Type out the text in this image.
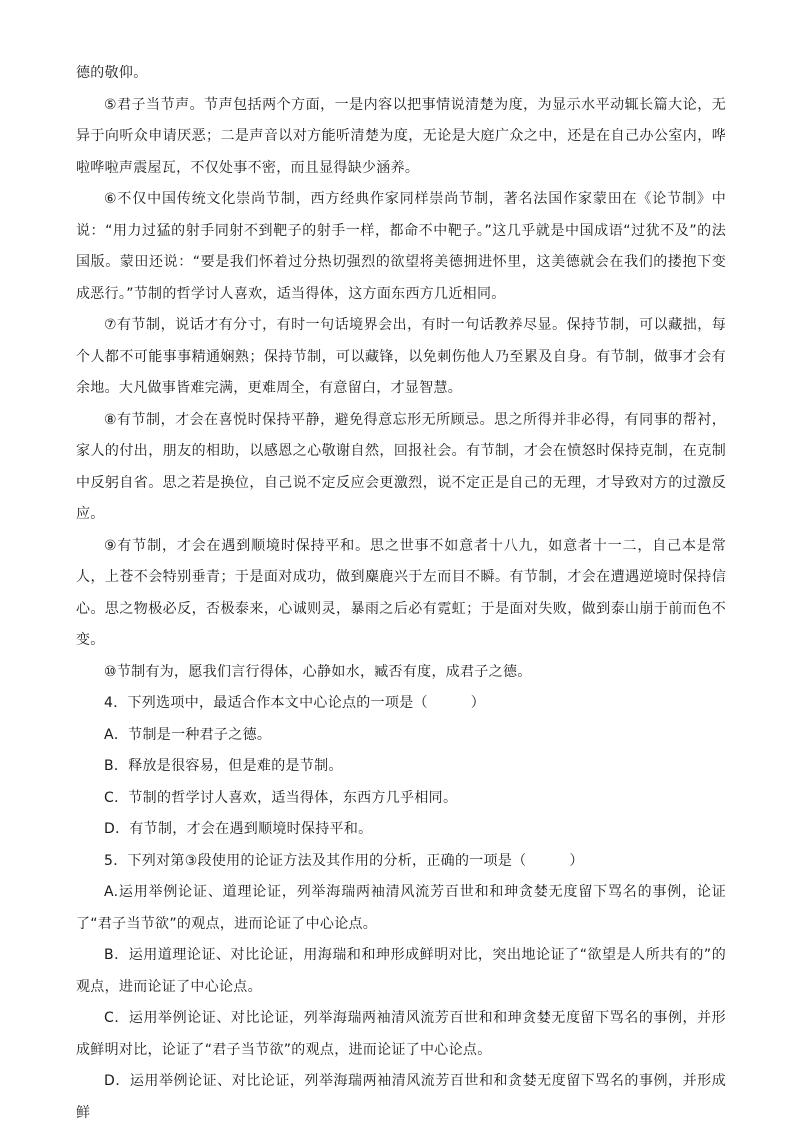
德的敬仰。

⑤君子当节声。节声包括两个方面，一是内容以把事情说清楚为度，为显示水平动辄长篇大论，无异于向听众申请厌恶；二是声音以对方能听清楚为度，无论是大庭广众之中，还是在自己办公室内，哗啦哗啦声震屋瓦，不仅处事不密，而且显得缺少涵养。

⑥不仅中国传统文化崇尚节制，西方经典作家同样崇尚节制，著名法国作家蒙田在《论节制》中说：“用力过猛的射手同射不到靶子的射手一样，都命不中靶子。”这几乎就是中国成语“过犹不及”的法国版。蒙田还说：“要是我们怀着过分热切强烈的欲望将美德拥进怀里，这美德就会在我们的搂抱下变成恶行。”节制的哲学讨人喜欢，适当得体，这方面东西方几近相同。

⑦有节制，说话才有分寸，有时一句话境界会出，有时一句话教养尽显。保持节制，可以藏拙，每个人都不可能事事精通娴熟；保持节制，可以藏锋，以免刺伤他人乃至累及自身。有节制，做事才会有余地。大凡做事皆难完满，更难周全，有意留白，才显智慧。

⑧有节制，才会在喜悦时保持平静，避免得意忘形无所顾忌。思之所得并非必得，有同事的帮衬，家人的付出，朋友的相助，以感恩之心敬谢自然，回报社会。有节制，才会在愤怒时保持克制，在克制中反躬自省。思之若是换位，自己说不定反应会更激烈，说不定正是自己的无理，才导致对方的过激反应。

⑨有节制，才会在遇到顺境时保持平和。思之世事不如意者十八九，如意者十一二，自己本是常人，上苍不会特别垂青；于是面对成功，做到麋鹿兴于左而目不瞬。有节制，才会在遭遇逆境时保持信心。思之物极必反，否极泰来，心诚则灵，暴雨之后必有霓虹；于是面对失败，做到泰山崩于前而色不变。

⑩节制有为，愿我们言行得体，心静如水，臧否有度，成君子之德。

4．下列选项中，最适合作本文中心论点的一项是（　　　）

A．节制是一种君子之德。

B．释放是很容易，但是难的是节制。

C．节制的哲学讨人喜欢，适当得体，东西方几乎相同。

D．有节制，才会在遇到顺境时保持平和。

5．下列对第③段使用的论证方法及其作用的分析，正确的一项是（　　　）

A.运用举例论证、道理论证，列举海瑞两袖清风流芳百世和和珅贪婪无度留下骂名的事例，论证了“君子当节欲”的观点，进而论证了中心论点。

B．运用道理论证、对比论证，用海瑞和和珅形成鲜明对比，突出地论证了“欲望是人所共有的”的观点，进而论证了中心论点。

C．运用举例论证、对比论证，列举海瑞两袖清风流芳百世和和珅贪婪无度留下骂名的事例，并形成鲜明对比，论证了“君子当节欲”的观点，进而论证了中心论点。

D．运用举例论证、对比论证，列举海瑞两袖清风流芳百世和和贪婪无度留下骂名的事例，并形成鲜
